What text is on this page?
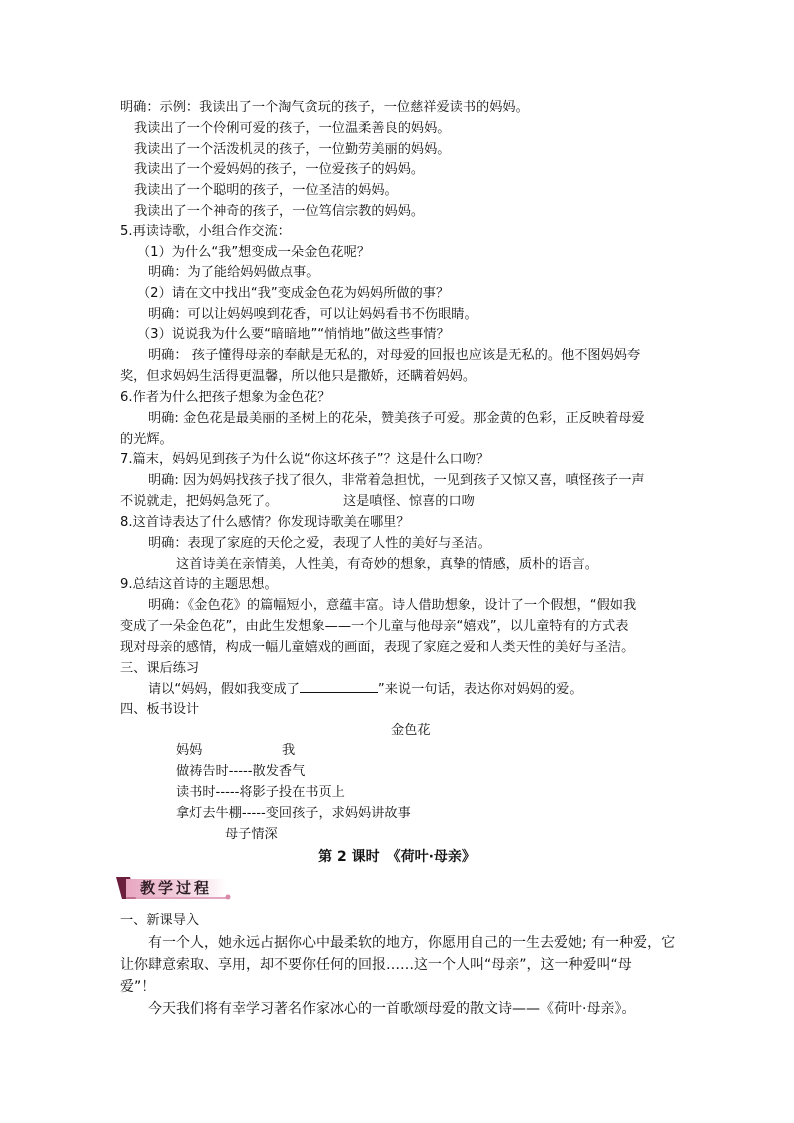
明确：示例：我读出了一个淘气贪玩的孩子，一位慈祥爱读书的妈妈。
我读出了一个伶俐可爱的孩子，一位温柔善良的妈妈。
我读出了一个活泼机灵的孩子，一位勤劳美丽的妈妈。
我读出了一个爱妈妈的孩子，一位爱孩子的妈妈。
我读出了一个聪明的孩子，一位圣洁的妈妈。
我读出了一个神奇的孩子，一位笃信宗教的妈妈。
5.再读诗歌，小组合作交流：
（1）为什么“我”想变成一朵金色花呢？
明确：为了能给妈妈做点事。
（2）请在文中找出“我”变成金色花为妈妈所做的事？
明确：可以让妈妈嗅到花香，可以让妈妈看书不伤眼睛。
（3）说说我为什么要“暗暗地”“悄悄地”做这些事情？
明确： 孩子懂得母亲的奉献是无私的，对母爱的回报也应该是无私的。他不图妈妈夸
奖，但求妈妈生活得更温馨，所以他只是撒娇，还瞒着妈妈。
6.作者为什么把孩子想象为金色花？
明确: 金色花是最美丽的圣树上的花朵，赞美孩子可爱。那金黄的色彩，正反映着母爱
的光辉。
7.篇末，妈妈见到孩子为什么说“你这坏孩子”？这是什么口吻？
明确: 因为妈妈找孩子找了很久，非常着急担忧，一见到孩子又惊又喜，嗔怪孩子一声
不说就走，把妈妈急死了。	这是嗔怪、惊喜的口吻
8.这首诗表达了什么感情？你发现诗歌美在哪里？
明确：表现了家庭的天伦之爱，表现了人性的美好与圣洁。
这首诗美在亲情美，人性美，有奇妙的想象，真挚的情感，质朴的语言。
9.总结这首诗的主题思想。
明确：《金色花》的篇幅短小，意蕴丰富。诗人借助想象，设计了一个假想，“假如我
变成了一朵金色花”，由此生发想象——一个儿童与他母亲“嬉戏”，以儿童特有的方式表
现对母亲的感情，构成一幅儿童嬉戏的画面，表现了家庭之爱和人类天性的美好与圣洁。
三、课后练习
请以“妈妈，假如我变成了	”来说一句话，表达你对妈妈的爱。
四、板书设计
金色花
妈妈	我
做祷告时-----散发香气
读书时-----将影子投在书页上
拿灯去牛棚-----变回孩子，求妈妈讲故事
母子情深
第 2 课时　《荷叶·母亲》
教学过程
一、新课导入
有一个人，她永远占据你心中最柔软的地方，你愿用自己的一生去爱她; 有一种爱，它
让你肆意索取、享用，却不要你任何的回报……这一个人叫“母亲”，这一种爱叫“母
爱”！
今天我们将有幸学习著名作家冰心的一首歌颂母爱的散文诗——《荷叶·母亲》。
